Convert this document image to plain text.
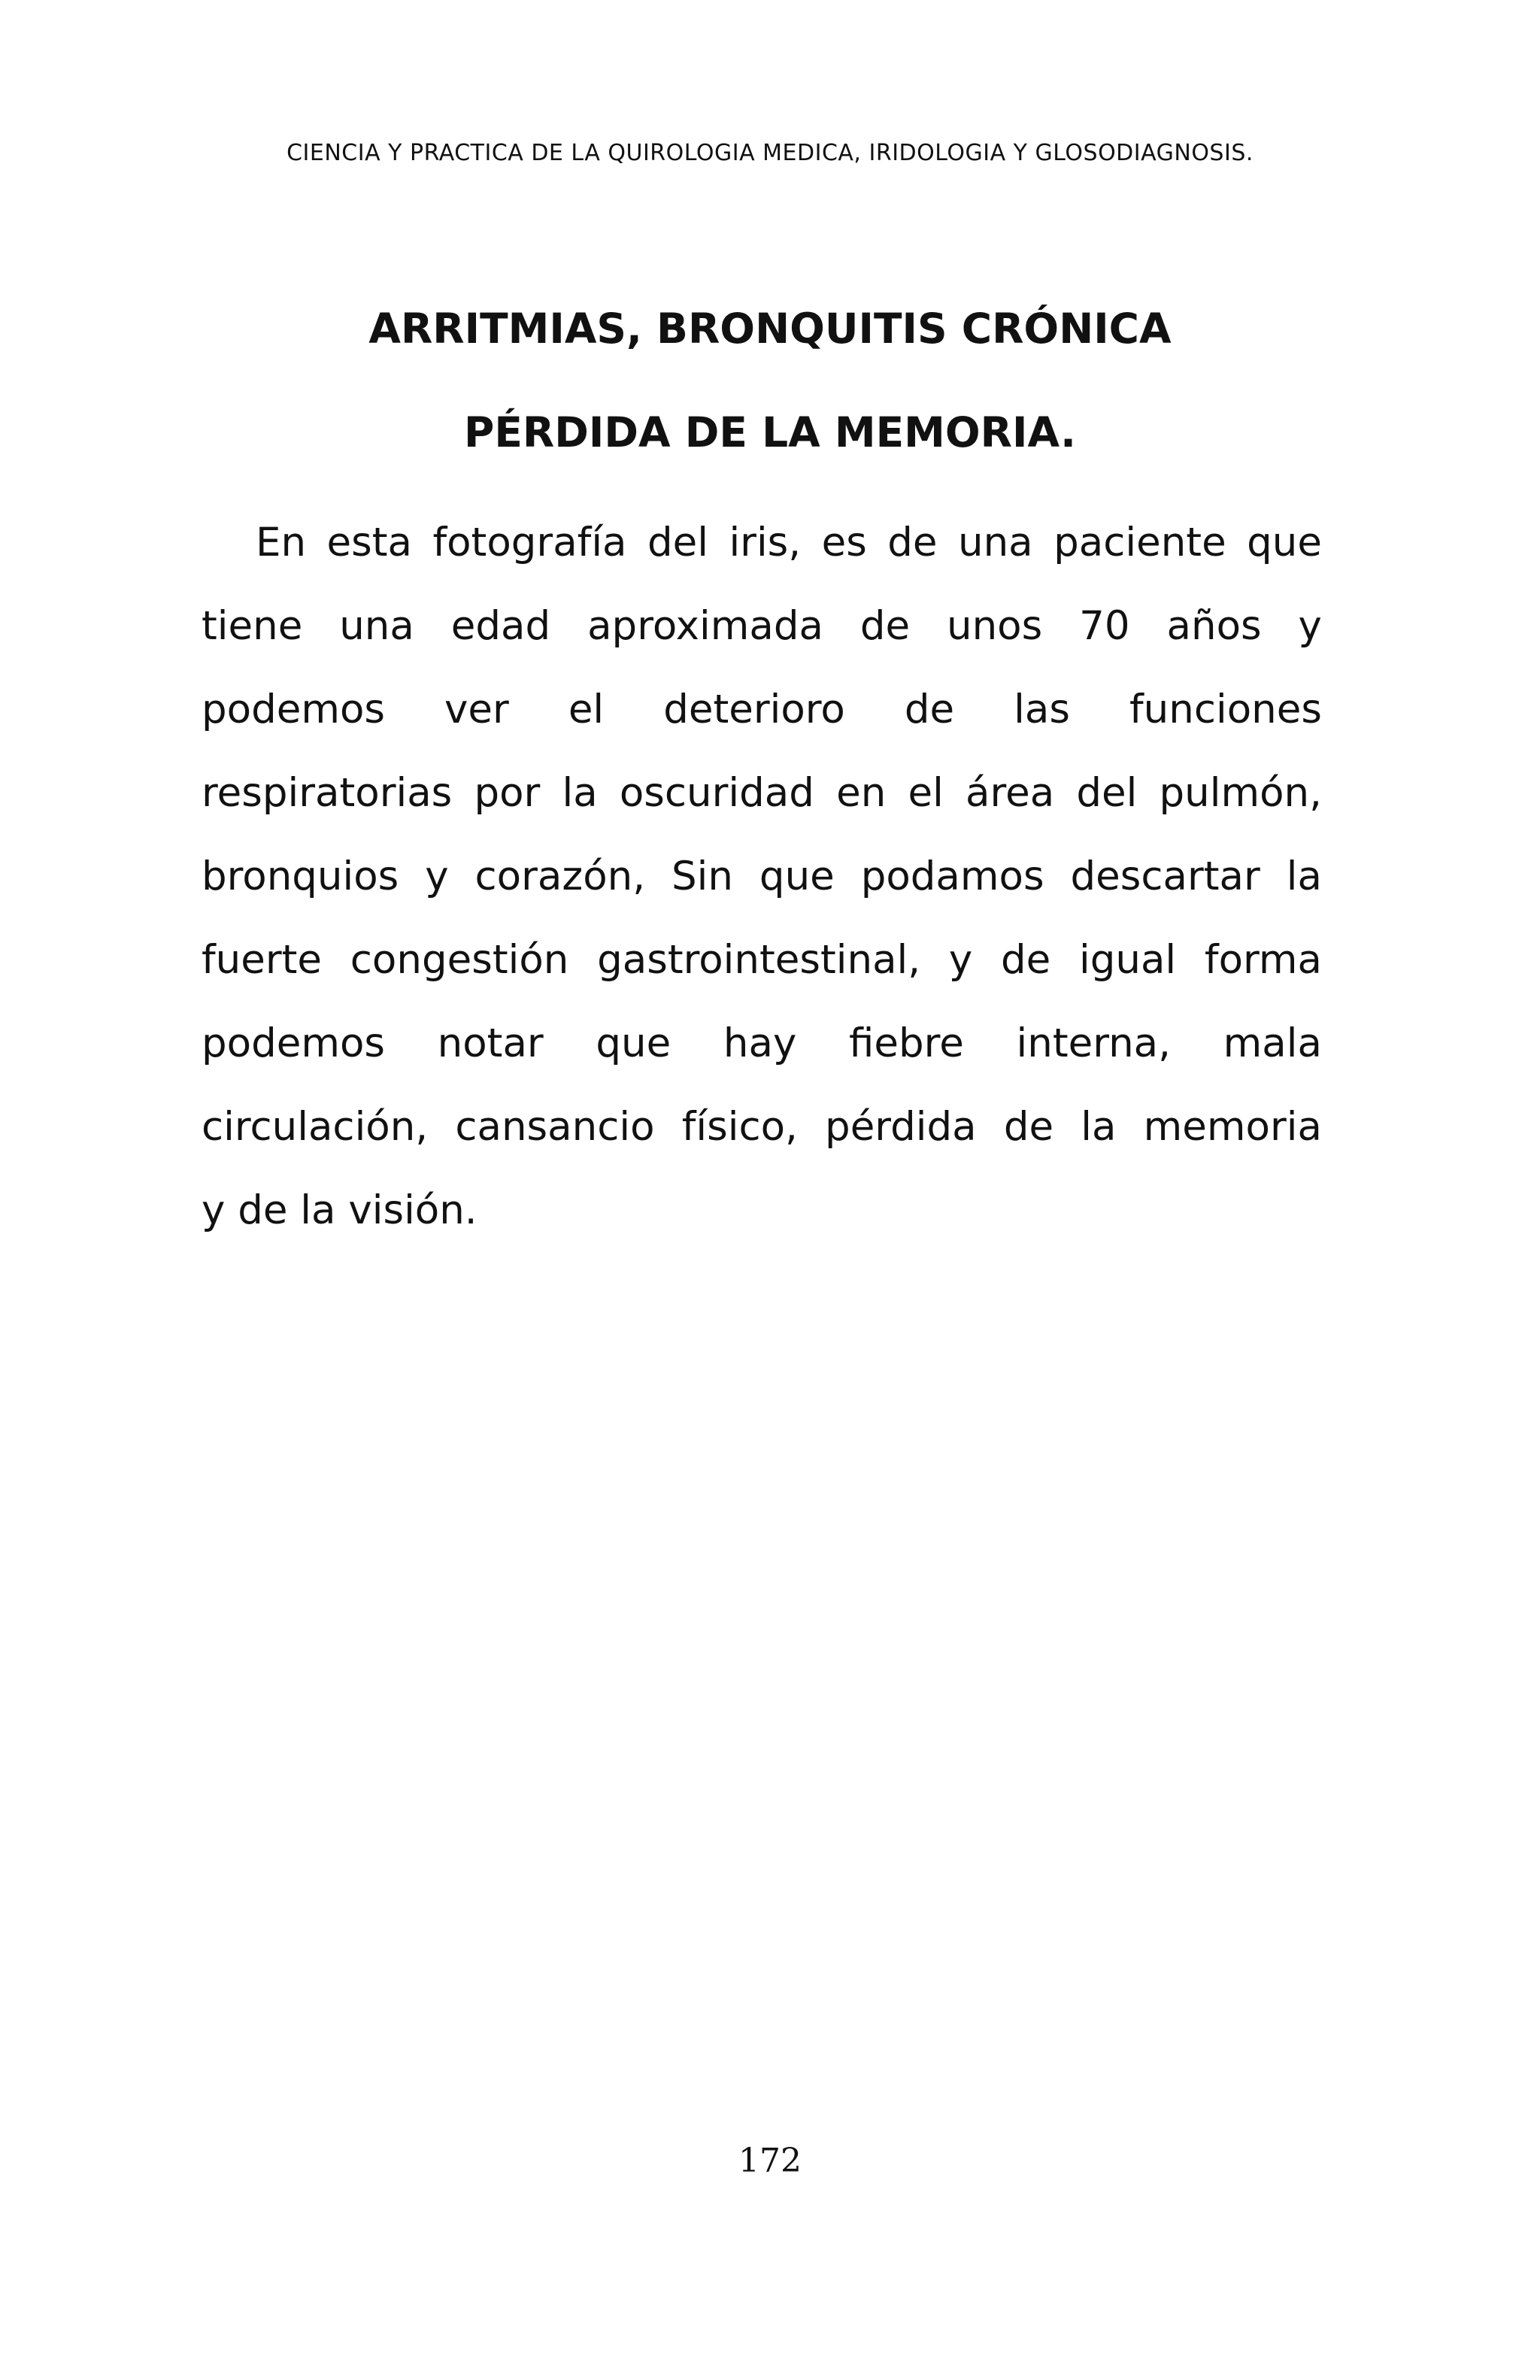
CIENCIA Y PRACTICA DE LA QUIROLOGIA MEDICA, IRIDOLOGIA Y GLOSODIAGNOSIS.
ARRITMIAS, BRONQUITIS CRÓNICA
PÉRDIDA DE LA MEMORIA.
En esta fotografía del iris, es de una paciente que
tiene una edad aproximada de unos 70 años y
podemos ver el deterioro de las funciones
respiratorias por la oscuridad en el área del pulmón,
bronquios y corazón, Sin que podamos descartar la
fuerte congestión gastrointestinal, y de igual forma
podemos notar que hay fiebre interna, mala
circulación, cansancio físico, pérdida de la memoria
y de la visión.
172
